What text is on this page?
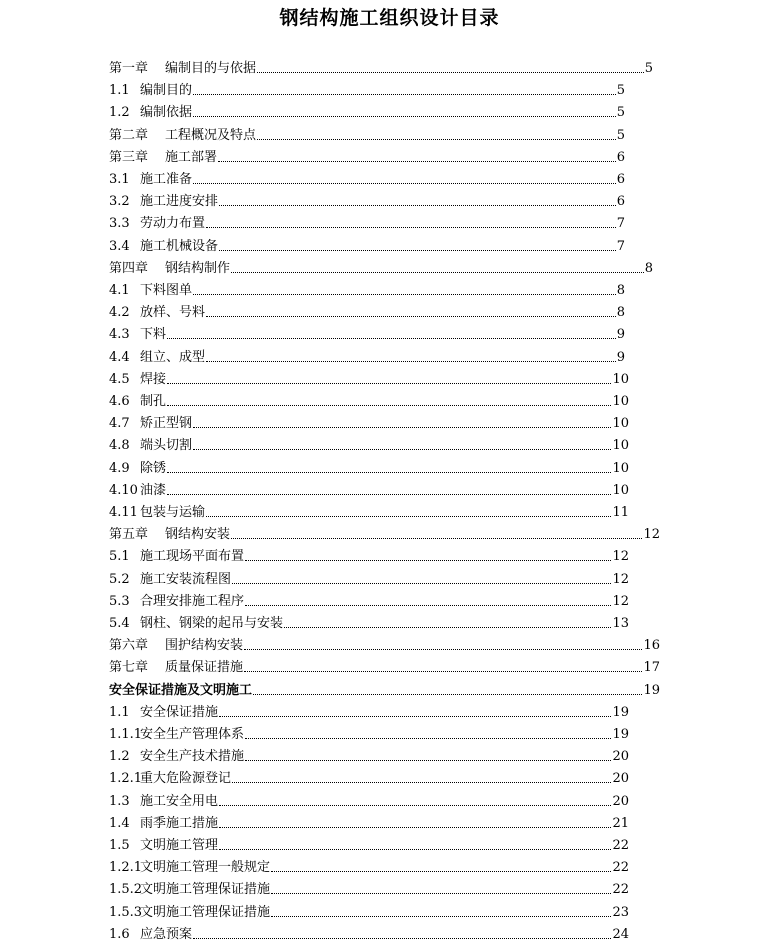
钢结构施工组织设计目录
第一章 编制目的与依据	5
1.1 编制目的	5
1.2 编制依据	5
第二章 工程概况及特点	5
第三章 施工部署	6
3.1 施工准备	6
3.2 施工进度安排	6
3.3 劳动力布置	7
3.4 施工机械设备	7
第四章 钢结构制作	8
4.1 下料图单	8
4.2 放样、号料	8
4.3 下料	9
4.4 组立、成型	9
4.5 焊接	10
4.6 制孔	10
4.7 矫正型钢	10
4.8 端头切割	10
4.9 除锈	10
4.10 油漆	10
4.11 包装与运输	11
第五章 钢结构安装	12
5.1 施工现场平面布置	12
5.2 施工安装流程图	12
5.3 合理安排施工程序	12
5.4 钢柱、钢梁的起吊与安装	13
第六章 围护结构安装	16
第七章 质量保证措施	17
安全保证措施及文明施工	19
1.1 安全保证措施	19
1.1.1安全生产管理体系	19
1.2 安全生产技术措施	20
1.2.1重大危险源登记	20
1.3 施工安全用电	20
1.4 雨季施工措施	21
1.5 文明施工管理	22
1.2.1文明施工管理一般规定	22
1.5.2文明施工管理保证措施	22
1.5.3文明施工管理保证措施	23
1.6 应急预案	24
